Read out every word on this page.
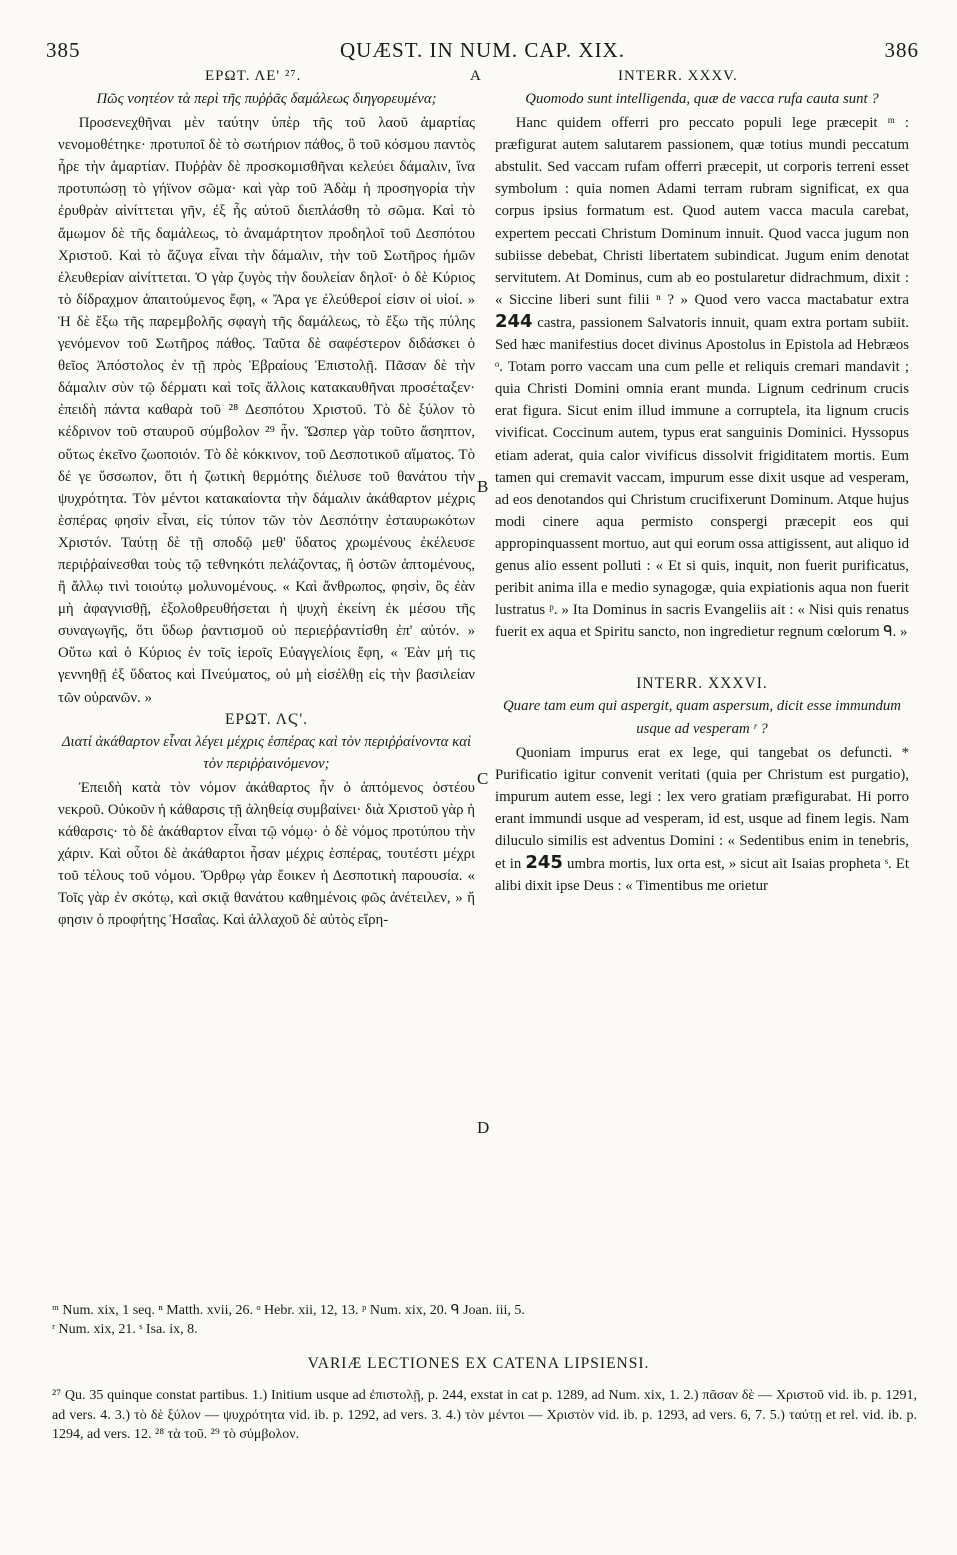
385	QUÆST. IN NUM. CAP. XIX.	386
ΕΡΩΤ. ΛΕ' ²⁷.	A	INTERR. XXXV.
B
C
D

Πῶς νοητέον τὰ περὶ τῆς πυῤῥᾶς δαμάλεως διηγορευμένα;

Προσενεχθῆναι μὲν ταύτην ὑπὲρ τῆς τοῦ λαοῦ ἁμαρτίας νενομοθέτηκε· προτυποῖ δὲ τὸ σωτήριον πάθος, ὃ τοῦ κόσμου παντὸς ἦρε τὴν ἁμαρτίαν. Πυῤῥὰν δὲ προσκομισθῆναι κελεύει δάμαλιν, ἵνα προτυπώσῃ τὸ γήϊνον σῶμα· καὶ γὰρ τοῦ Ἀδὰμ ἡ προσηγορία τὴν ἐρυθρὰν αἰνίττεται γῆν, ἐξ ἧς αὐτοῦ διεπλάσθη τὸ σῶμα. Καὶ τὸ ἄμωμον δὲ τῆς δαμάλεως, τὸ ἀναμάρτητον προδηλοῖ τοῦ Δεσπότου Χριστοῦ. Καὶ τὸ ἄζυγα εἶναι τὴν δάμαλιν, τὴν τοῦ Σωτῆρος ἡμῶν ἐλευθερίαν αἰνίττεται. Ὁ γὰρ ζυγὸς τὴν δουλείαν δηλοῖ· ὁ δὲ Κύριος τὸ δίδραχμον ἀπαιτούμενος ἔφη, « Ἄρα γε ἐλεύθεροί εἰσιν οἱ υἱοί. » Ἡ δὲ ἔξω τῆς παρεμβολῆς σφαγὴ τῆς δαμάλεως, τὸ ἔξω τῆς πύλης γενόμενον τοῦ Σωτῆρος πάθος. Ταῦτα δὲ σαφέστερον διδάσκει ὁ θεῖος Ἀπόστολος ἐν τῇ πρὸς Ἑβραίους Ἐπιστολῇ. Πᾶσαν δὲ τὴν δάμαλιν σὺν τῷ δέρματι καὶ τοῖς ἄλλοις κατακαυθῆναι προσέταξεν· ἐπειδὴ πάντα καθαρὰ τοῦ ²⁸ Δεσπότου Χριστοῦ. Τὸ δὲ ξύλον τὸ κέδρινον τοῦ σταυροῦ σύμβολον ²⁹ ἦν. Ὥσπερ γὰρ τοῦτο ἄσηπτον, οὕτως ἐκεῖνο ζωοποιόν. Τὸ δὲ κόκκινον, τοῦ Δεσποτικοῦ αἵματος. Τὸ δέ γε ὕσσωπον, ὅτι ἡ ζωτικὴ θερμότης διέλυσε τοῦ θανάτου τὴν ψυχρότητα. Τὸν μέντοι κατακαίοντα τὴν δάμαλιν ἀκάθαρτον μέχρις ἑσπέρας φησὶν εἶναι, εἰς τύπον τῶν τὸν Δεσπότην ἐσταυρωκότων Χριστόν. Ταύτῃ δὲ τῇ σποδῷ μεθ' ὕδατος χρωμένους ἐκέλευσε περιῤῥαίνεσθαι τοὺς τῷ τεθνηκότι πελάζοντας, ἢ ὀστῶν ἁπτομένους, ἢ ἄλλῳ τινὶ τοιούτῳ μολυνομένους. « Καὶ ἄνθρωπος, φησὶν, ὃς ἐὰν μὴ ἀφαγνισθῇ, ἐξολοθρευθήσεται ἡ ψυχὴ ἐκείνη ἐκ μέσου τῆς συναγωγῆς, ὅτι ὕδωρ ῥαντισμοῦ οὐ περιεῤῥαντίσθη ἐπ' αὐτόν. » Οὕτω καὶ ὁ Κύριος ἐν τοῖς ἱεροῖς Εὐαγγελίοις ἔφη, « Ἐὰν μή τις γεννηθῇ ἐξ ὕδατος καὶ Πνεύματος, οὐ μὴ εἰσέλθῃ εἰς τὴν βασιλείαν τῶν οὐρανῶν. »

ΕΡΩΤ. ΛϚ'.

Διατί ἀκάθαρτον εἶναι λέγει μέχρις ἑσπέρας καὶ τὸν περιῤῥαίνοντα καὶ τὸν περιῤῥαινόμενον;

Ἐπειδὴ κατὰ τὸν νόμον ἀκάθαρτος ἦν ὁ ἁπτόμενος ὀστέου νεκροῦ. Οὐκοῦν ἡ κάθαρσις τῇ ἀληθείᾳ συμβαίνει· διὰ Χριστοῦ γὰρ ἡ κάθαρσις· τὸ δὲ ἀκάθαρτον εἶναι τῷ νόμῳ· ὁ δὲ νόμος προτύπου τὴν χάριν. Καὶ οὗτοι δὲ ἀκάθαρτοι ἦσαν μέχρις ἑσπέρας, τουτέστι μέχρι τοῦ τέλους τοῦ νόμου. Ὄρθρῳ γὰρ ἔοικεν ἡ Δεσποτικὴ παρουσία. « Τοῖς γὰρ ἐν σκότῳ, καὶ σκιᾷ θανάτου καθημένοις φῶς ἀνέτειλεν, » ἤ φησιν ὁ προφήτης Ἡσαΐας. Καὶ ἀλλαχοῦ δὲ αὐτὸς εἴρη-

Quomodo sunt intelligenda, quæ de vacca rufa cauta sunt ?

Hanc quidem offerri pro peccato populi lege præcepit ᵐ : præfigurat autem salutarem passionem, quæ totius mundi peccatum abstulit. Sed vaccam rufam offerri præcepit, ut corporis terreni esset symbolum : quia nomen Adami terram rubram significat, ex qua corpus ipsius formatum est. Quod autem vacca macula carebat, expertem peccati Christum Dominum innuit. Quod vacca jugum non subiisse debebat, Christi libertatem subindicat. Jugum enim denotat servitutem. At Dominus, cum ab eo postularetur didrachmum, dixit : « Siccine liberi sunt filii ⁿ ? » Quod vero vacca mactabatur extra 244 castra, passionem Salvatoris innuit, quam extra portam subiit. Sed hæc manifestius docet divinus Apostolus in Epistola ad Hebræos ᵒ. Totam porro vaccam una cum pelle et reliquis cremari mandavit ; quia Christi Domini omnia erant munda. Lignum cedrinum crucis erat figura. Sicut enim illud immune a corruptela, ita lignum crucis vivificat. Coccinum autem, typus erat sanguinis Dominici. Hyssopus etiam aderat, quia calor vivificus dissolvit frigiditatem mortis. Eum tamen qui cremavit vaccam, impurum esse dixit usque ad vesperam, ad eos denotandos qui Christum crucifixerunt Dominum. Atque hujus modi cinere aqua permisto conspergi præcepit eos qui appropinquassent mortuo, aut qui eorum ossa attigissent, aut aliquo id genus alio essent polluti : « Et si quis, inquit, non fuerit purificatus, peribit anima illa e medio synagogæ, quia expiationis aqua non fuerit lustratus ᵖ. » Ita Dominus in sacris Evangeliis ait : « Nisi quis renatus fuerit ex aqua et Spiritu sancto, non ingredietur regnum cœlorum ᑫ. »

INTERR. XXXVI.

Quare tam eum qui aspergit, quam aspersum, dicit esse immundum usque ad vesperam ʳ ?

Quoniam impurus erat ex lege, qui tangebat os defuncti. * Purificatio igitur convenit veritati (quia per Christum est purgatio), impurum autem esse, legi : lex vero gratiam præfigurabat. Hi porro erant immundi usque ad vesperam, id est, usque ad finem legis. Nam diluculo similis est adventus Domini : « Sedentibus enim in tenebris, et in 245 umbra mortis, lux orta est, » sicut ait Isaias propheta ˢ. Et alibi dixit ipse Deus : « Timentibus me orietur

ᵐ Num. xix, 1 seq. ⁿ Matth. xvii, 26. ᵒ Hebr. xii, 12, 13. ᵖ Num. xix, 20. ᑫ Joan. iii, 5.
ʳ Num. xix, 21. ˢ Isa. ix, 8.
VARIÆ LECTIONES EX CATENA LIPSIENSI.
²⁷ Qu. 35 quinque constat partibus. 1.) Initium usque ad ἐπιστολῇ, p. 244, exstat in cat p. 1289, ad Num. xix, 1. 2.) πᾶσαν δὲ — Χριστοῦ vid. ib. p. 1291, ad vers. 4. 3.) τὸ δὲ ξύλον — ψυχρότητα vid. ib. p. 1292, ad vers. 3. 4.) τὸν μέντοι — Χριστὸν vid. ib. p. 1293, ad vers. 6, 7. 5.) ταύτῃ et rel. vid. ib. p. 1294, ad vers. 12. ²⁸ τὰ τοῦ. ²⁹ τὸ σύμβολον.
